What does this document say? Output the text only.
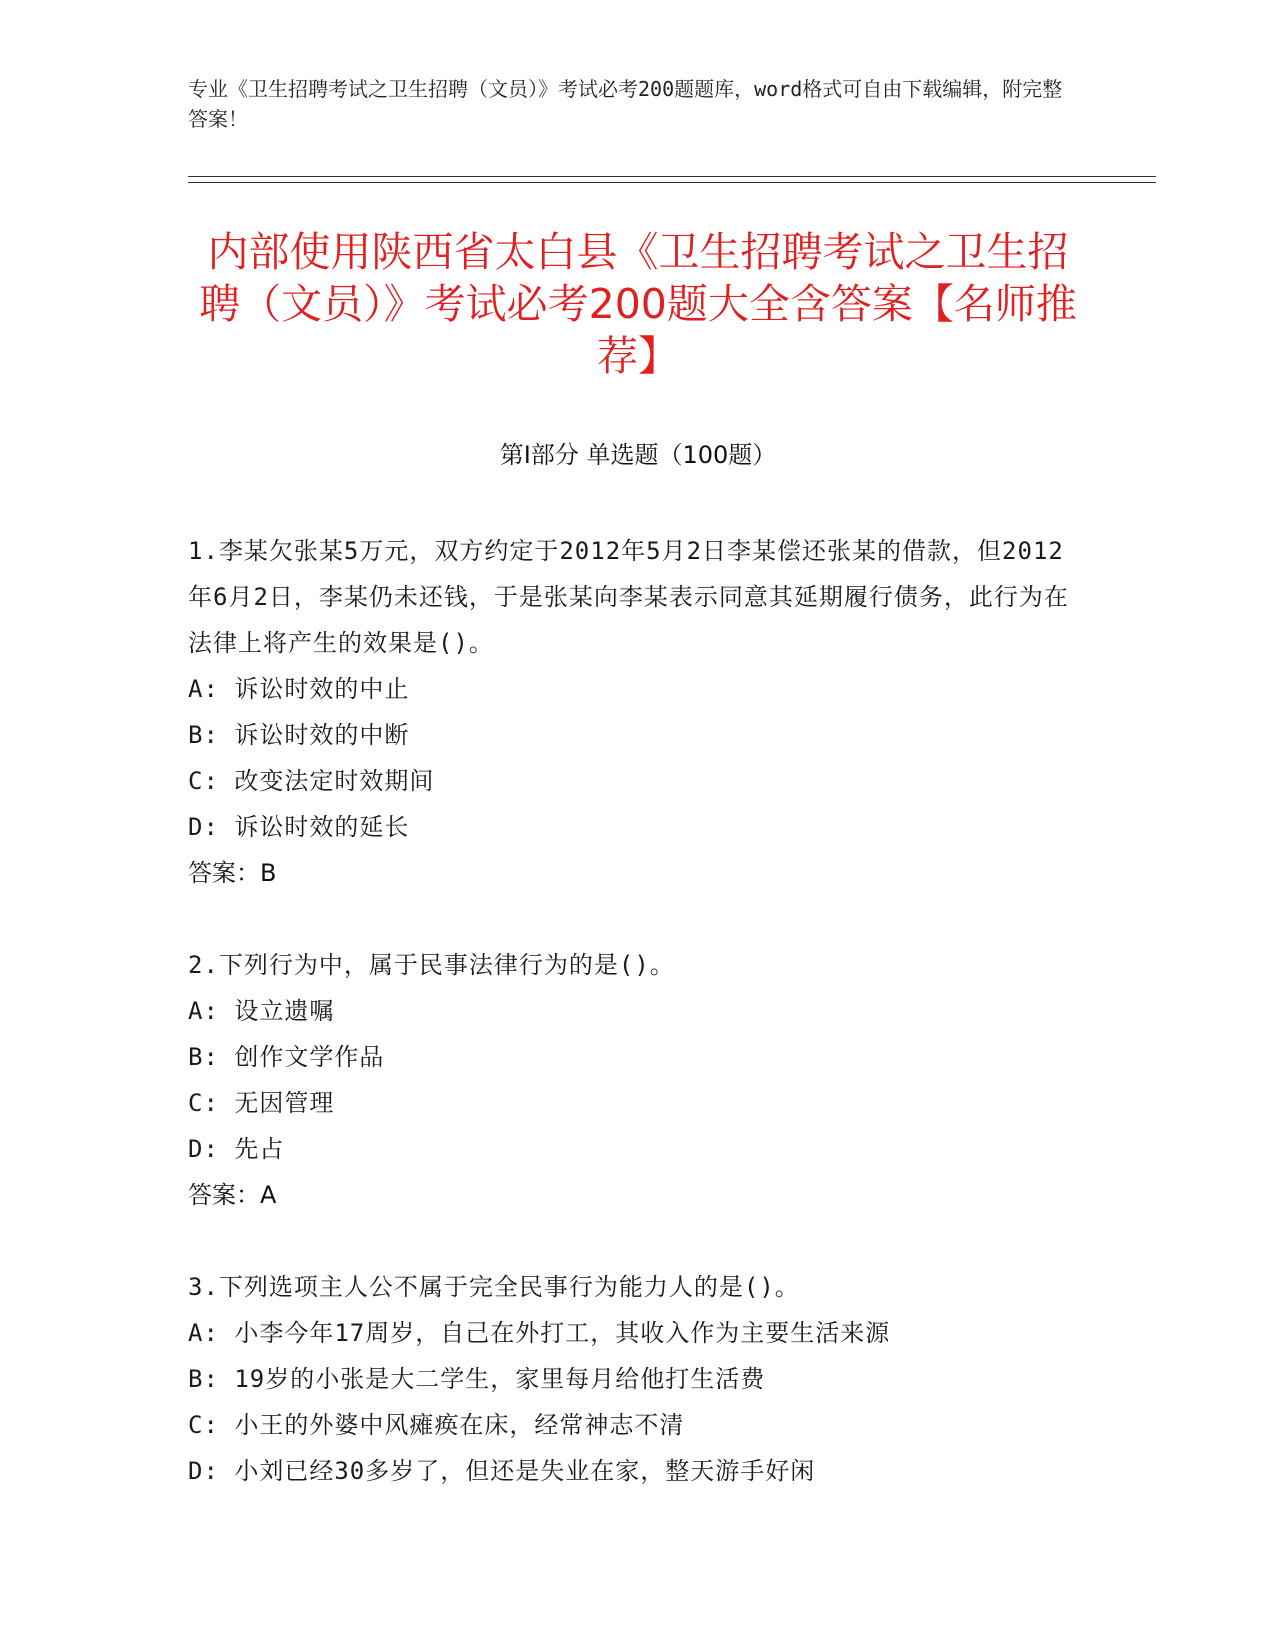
专业《卫生招聘考试之卫生招聘（文员）》考试必考200题题库，word格式可自由下载编辑，附完整答案！
内部使用陕西省太白县《卫生招聘考试之卫生招聘（文员）》考试必考200题大全含答案【名师推荐】
第I部分 单选题（100题）
1.李某欠张某5万元，双方约定于2012年5月2日李某偿还张某的借款，但2012年6月2日，李某仍未还钱，于是张某向李某表示同意其延期履行债务，此行为在法律上将产生的效果是()。
A: 诉讼时效的中止
B: 诉讼时效的中断
C: 改变法定时效期间
D: 诉讼时效的延长
答案：B
2.下列行为中，属于民事法律行为的是()。
A: 设立遗嘱
B: 创作文学作品
C: 无因管理
D: 先占
答案：A
3.下列选项主人公不属于完全民事行为能力人的是()。
A: 小李今年17周岁，自己在外打工，其收入作为主要生活来源
B: 19岁的小张是大二学生，家里每月给他打生活费
C: 小王的外婆中风瘫痪在床，经常神志不清
D: 小刘已经30多岁了，但还是失业在家，整天游手好闲
